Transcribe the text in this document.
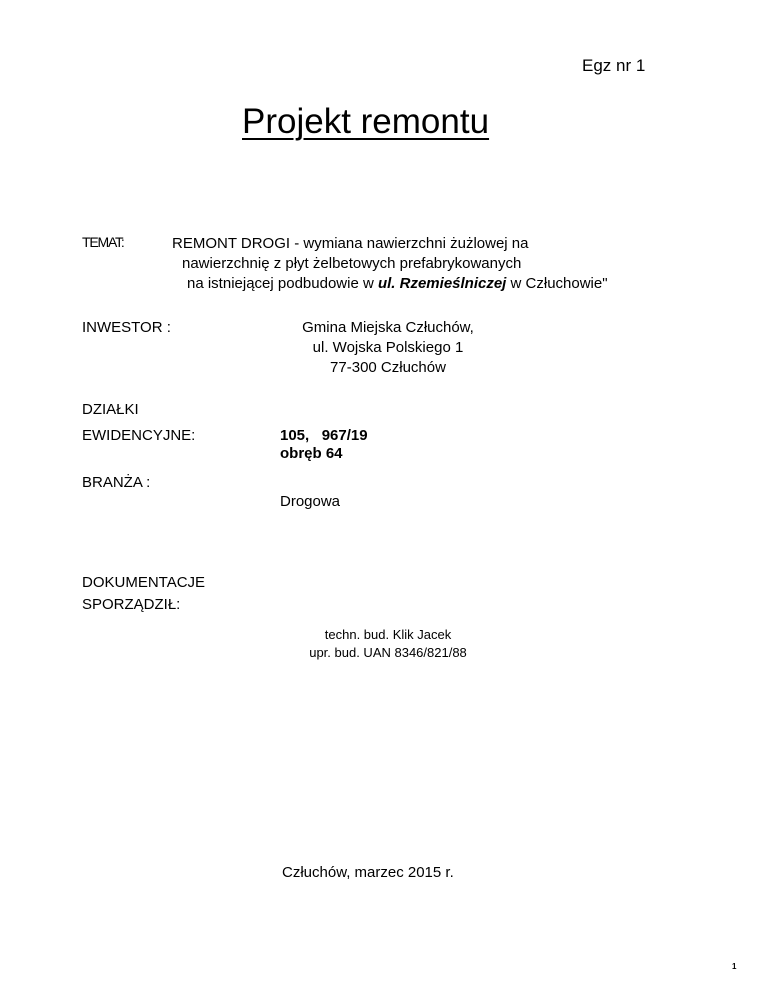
Egz nr 1
Projekt remontu
TEMAT:	REMONT DROGI - wymiana nawierzchni żużlowej na
nawierzchnię z płyt żelbetowych prefabrykowanych
na istniejącej podbudowie w ul. Rzemieślniczej w Człuchowie"
INWESTOR :	Gmina Miejska Człuchów,
ul. Wojska Polskiego 1
77-300 Człuchów
DZIAŁKI
EWIDENCYJNE:	105,   967/19
obręb 64
BRANŻA :
Drogowa
DOKUMENTACJE
SPORZĄDZIŁ:
techn. bud. Klik Jacek
upr. bud. UAN 8346/821/88
Człuchów, marzec 2015 r.
1
